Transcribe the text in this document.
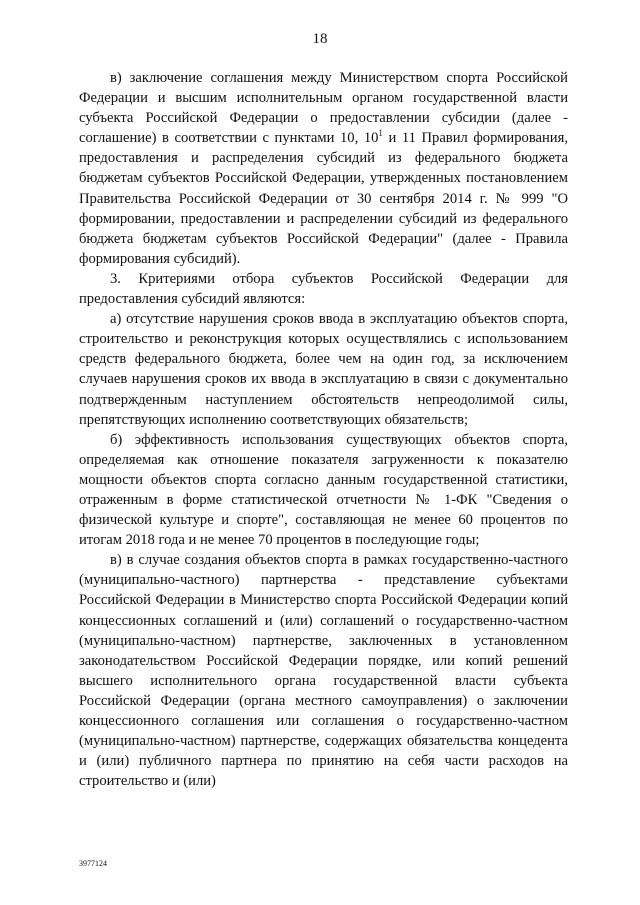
18

в) заключение соглашения между Министерством спорта Российской Федерации и высшим исполнительным органом государственной власти субъекта Российской Федерации о предоставлении субсидии (далее - соглашение) в соответствии с пунктами 10, $10^1$ и 11 Правил формирования, предоставления и распределения субсидий из федерального бюджета бюджетам субъектов Российской Федерации, утвержденных постановлением Правительства Российской Федерации от 30 сентября 2014 г. № 999 "О формировании, предоставлении и распределении субсидий из федерального бюджета бюджетам субъектов Российской Федерации" (далее - Правила формирования субсидий).

3. Критериями отбора субъектов Российской Федерации для предоставления субсидий являются:

а) отсутствие нарушения сроков ввода в эксплуатацию объектов спорта, строительство и реконструкция которых осуществлялись с использованием средств федерального бюджета, более чем на один год, за исключением случаев нарушения сроков их ввода в эксплуатацию в связи с документально подтвержденным наступлением обстоятельств непреодолимой силы, препятствующих исполнению соответствующих обязательств;

б) эффективность использования существующих объектов спорта, определяемая как отношение показателя загруженности к показателю мощности объектов спорта согласно данным государственной статистики, отраженным в форме статистической отчетности № 1-ФК "Сведения о физической культуре и спорте", составляющая не менее 60 процентов по итогам 2018 года и не менее 70 процентов в последующие годы;

в) в случае создания объектов спорта в рамках государственно-частного (муниципально-частного) партнерства - представление субъектами Российской Федерации в Министерство спорта Российской Федерации копий концессионных соглашений и (или) соглашений о государственно-частном (муниципально-частном) партнерстве, заключенных в установленном законодательством Российской Федерации порядке, или копий решений высшего исполнительного органа государственной власти субъекта Российской Федерации (органа местного самоуправления) о заключении концессионного соглашения или соглашения о государственно-частном (муниципально-частном) партнерстве, содержащих обязательства концедента и (или) публичного партнера по принятию на себя части расходов на строительство и (или)

3977124
